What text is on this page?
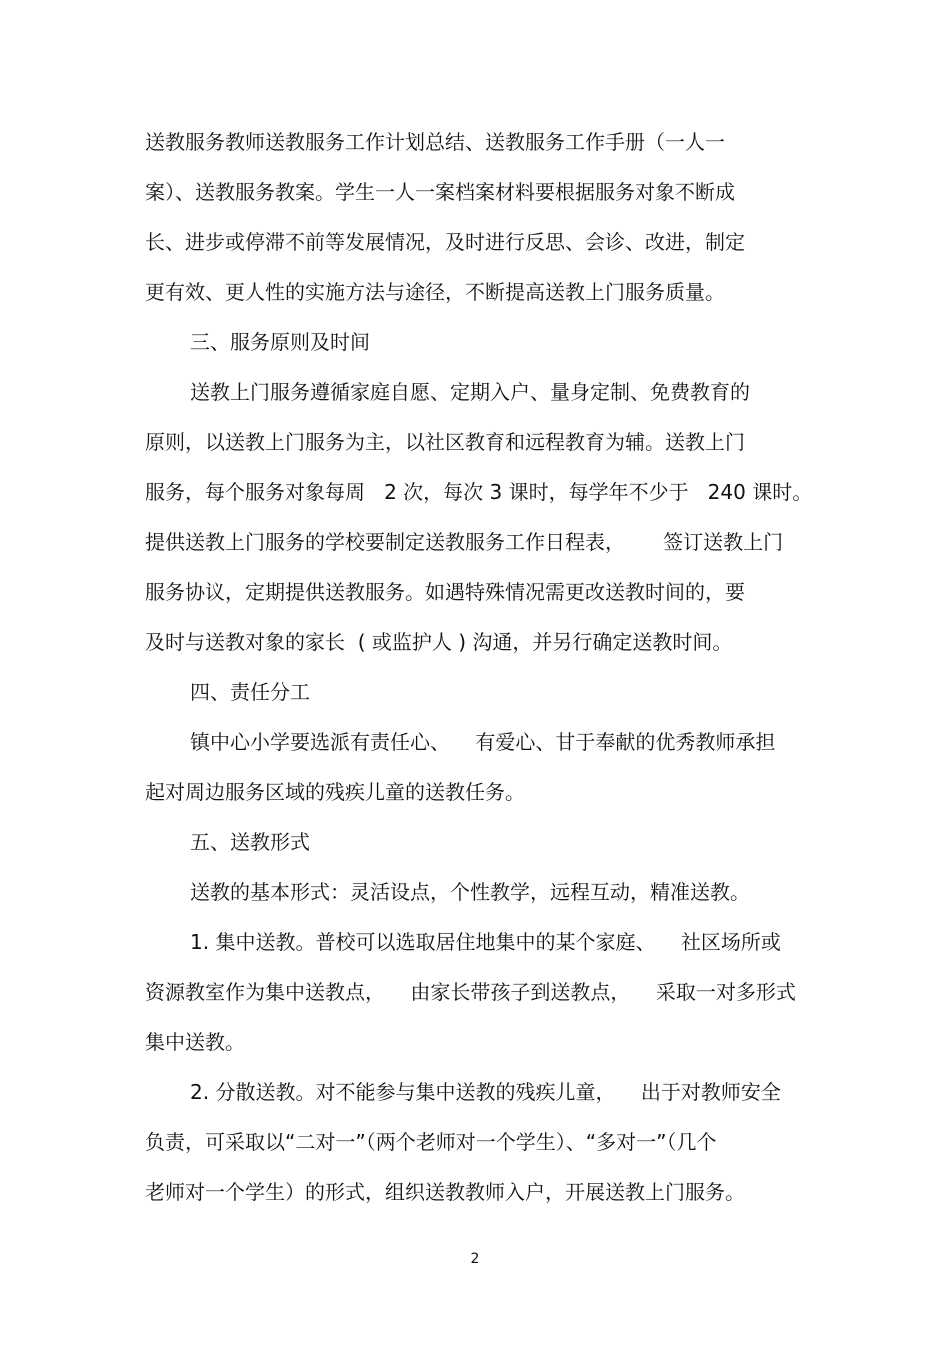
送教服务教师送教服务工作计划总结、送教服务工作手册（一人一
案）、送教服务教案。学生一人一案档案材料要根据服务对象不断成
长、进步或停滞不前等发展情况，及时进行反思、会诊、改进，制定
更有效、更人性的实施方法与途径，不断提高送教上门服务质量。
三、服务原则及时间
送教上门服务遵循家庭自愿、定期入户、量身定制、免费教育的
原则，以送教上门服务为主，以社区教育和远程教育为辅。送教上门
服务，每个服务对象每周   2 次，每次 3 课时，每学年不少于   240 课时。
提供送教上门服务的学校要制定送教服务工作日程表，      签订送教上门
服务协议，定期提供送教服务。如遇特殊情况需更改送教时间的，要
及时与送教对象的家长  ( 或监护人 ) 沟通，并另行确定送教时间。
四、责任分工
镇中心小学要选派有责任心、    有爱心、甘于奉献的优秀教师承担
起对周边服务区域的残疾儿童的送教任务。
五、送教形式
送教的基本形式：灵活设点，个性教学，远程互动，精准送教。
1. 集中送教。普校可以选取居住地集中的某个家庭、    社区场所或
资源教室作为集中送教点，    由家长带孩子到送教点，    采取一对多形式
集中送教。
2. 分散送教。对不能参与集中送教的残疾儿童，    出于对教师安全
负责，可采取以“二对一”（两个老师对一个学生）、“多对一”（几个
老师对一个学生）的形式，组织送教教师入户，开展送教上门服务。
2
